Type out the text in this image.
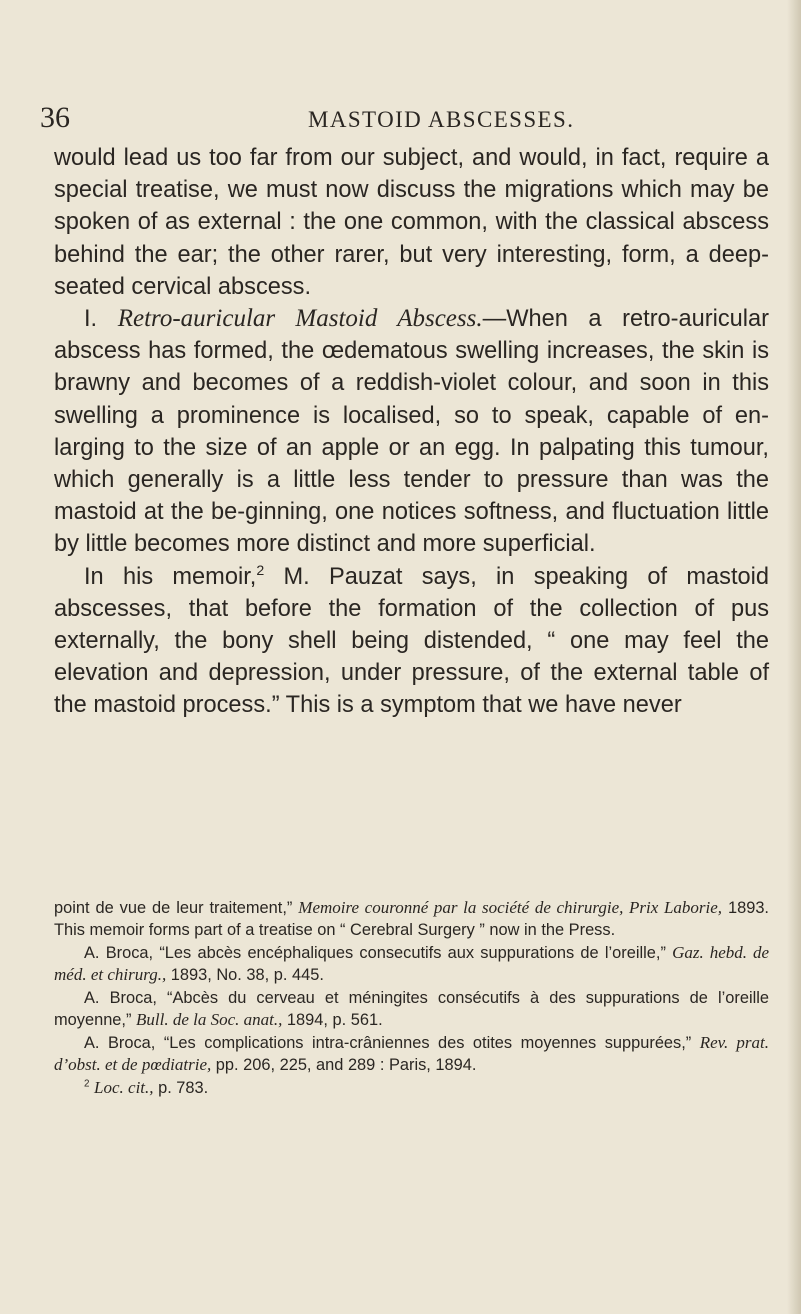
36	MASTOID ABSCESSES.

would lead us too far from our subject, and would, in fact, require a special treatise, we must now discuss the migrations which may be spoken of as external : the one common, with the classical abscess behind the ear; the other rarer, but very interesting, form, a deep-seated cervical abscess.

I. Retro-auricular Mastoid Abscess.—When a retro-auricular abscess has formed, the œdematous swelling increases, the skin is brawny and becomes of a reddish-violet colour, and soon in this swelling a prominence is localised, so to speak, capable of en-larging to the size of an apple or an egg. In palpating this tumour, which generally is a little less tender to pressure than was the mastoid at the be-ginning, one notices softness, and fluctuation little by little becomes more distinct and more superficial.

In his memoir,$^2$ M. Pauzat says, in speaking of mastoid abscesses, that before the formation of the collection of pus externally, the bony shell being distended, “ one may feel the elevation and depression, under pressure, of the external table of the mastoid process.” This is a symptom that we have never

point de vue de leur traitement,” Memoire couronné par la société de chirurgie, Prix Laborie, 1893. This memoir forms part of a treatise on “ Cerebral Surgery ” now in the Press.

A. Broca, “Les abcès encéphaliques consecutifs aux suppurations de l’oreille,” Gaz. hebd. de méd. et chirurg., 1893, No. 38, p. 445.

A. Broca, “Abcès du cerveau et méningites consécutifs à des suppurations de l’oreille moyenne,” Bull. de la Soc. anat., 1894, p. 561.

A. Broca, “Les complications intra-crâniennes des otites moyennes suppurées,” Rev. prat. d’obst. et de pœdiatrie, pp. 206, 225, and 289 : Paris, 1894.

$^2$ Loc. cit., p. 783.
